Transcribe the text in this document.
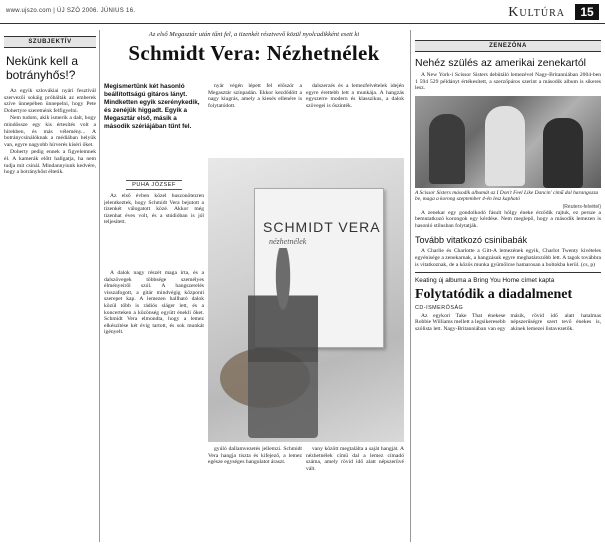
www.ujszo.com | ÚJ SZÓ 2006. JÚNIUS 16.	Kultúra	15
SZUBJEKTÍV
Nekünk kell a botrányhős!?

Az egyik szlovákiai nyári fesztivál szervezői sokáig próbálták az emberek szíve ünnepében ünnepelni, hogy Pete Dohertyre szeretnénk felfigyelni.

Nem tudom, akik ismerik a dalt, hogy mindössze egy kis értesítés volt a hírekben, és más vélemény... A botránycsinálóknak a médiában helyük van, egyre nagyobb hírverés kíséri őket.

Doherty pedig ennek a figyelemnek él. A kamerák előtt hallgatja, ha nem tudja mit csinál. Mindannyiunk kedvére, hogy a botrányhőst éltetik.

Az első Megasztár után tűnt fel, a tizenkét résztvevő közül nyolcadikként esett ki
Schmidt Vera: Nézhetnélek
Megismertünk két hasonló beállítottságú gitáros lányt. Mindketten egyik szerénykedik, és zenéjük higgadt. Egyik a Megasztár első, másik a második szériájában tűnt fel.
PUHA JÓZSEF

Az első évben közel huszonötezren jelentkeztek, hogy Schmidt Vera bejutott a tizenkét válogatott közé. Akkor még tizenhat éves volt, és a stúdióban is jól teljesített.

nyár végén lépett fel először a Megasztár színpadán. Ekkor kezdődött a nagy kiugrás, amely a kiesés ellenére is folytatódott.

dalszerzés és a lemezfelvételek idején egyre érettebb lett a munkája. A hangzás egyszerre modern és klasszikus, a dalok szövegei is őszinték.

SCHMIDT VERA
nézhetnélek

A dalok nagy részét maga írta, és a dalszövegek többsége személyes élményeiről szól. A hangszerelés visszafogott, a gitár mindvégig központi szerepet kap. A lemezen hallható dalok közül több is rádiós sláger lett, és a koncerteken a közönség együtt énekli őket. Schmidt Vera elmondta, hogy a lemez elkészítése két évig tartott, és sok munkát igényelt.

gyúló dallamvezetés jellemzi. Schmidt Vera hangja tiszta és kifejező, a lemez egésze egységes hangulatot áraszt.

vany között megtalálta a saját hangját. A nézhetnélek című dal a lemez címadó száma, amely rövid idő alatt népszerűvé vált.

ZENEZÓNA
Nehéz szülés az amerikai zenekartól

A New York-i Scissor Sisters debütáló lemezével Nagy-Britanniában 2004-ben 1 594 529 példányt értékesített, a szerzőpáros szerint a második album is sikeres lesz.

A Scissor Sisters második albumát az I Don't Feel Like Dancin' című dal harangozza be, maga a korong szeptember 4-én lesz kapható
(Reuters-felvétel)

A zenekar egy gondolkodó fásult hölgy éneke érződik rajtuk, ez persze a bemutatkozó korongok egy kérdése. Nem meglepő, hogy a második lemezen is hasonló stílusban folytatják.

Tovább vitatkozó csinibabák

A Charlie és Charlotte a Gitt-A lemezének egyik, Charlot Twenty kivételes egyénisége a zenekarnak, a hangzásuk egyre meghatározóbb lett. A tagok továbbra is vitatkoznak, de a közös munka gyümölcse hamarosan a boltokba kerül. (cs, p)

Keating új albuma a Bring You Home címet kapta
Folytatódik a diadalmenet
CD-ISMERŐSÁG

Az egykori Take That énekese Robbie Williams mellett a legsikeresebb szólista lett. Nagy-Britanniában van egy másik, rövid idő alatt hatalmas népszerűségre szert tevő énekes is, akinek lemezei listavezetők.
